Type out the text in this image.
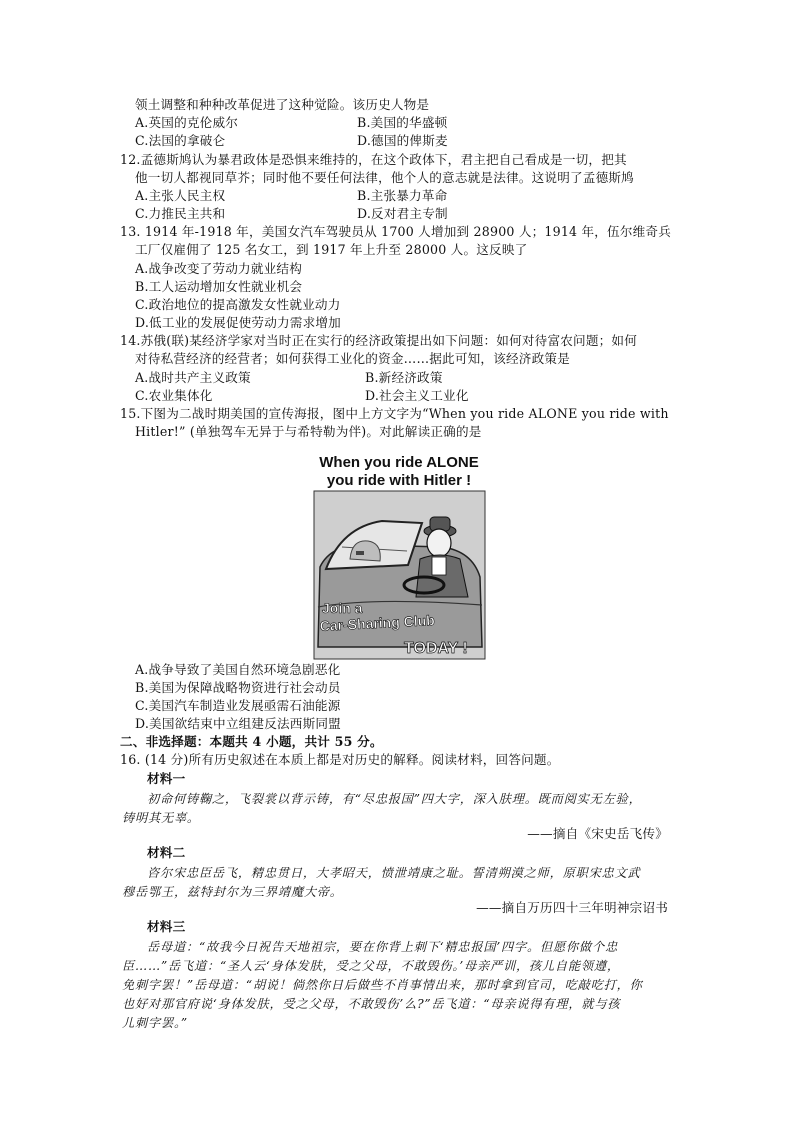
领土调整和种种改革促进了这种觉险。该历史人物是
A.英国的克伦威尔	B.美国的华盛顿
C.法国的拿破仑	D.德国的俾斯麦
12.孟德斯鸠认为暴君政体是恐惧来维持的，在这个政体下，君主把自己看成是一切，把其
他一切人都视同草芥；同时他不要任何法律，他个人的意志就是法律。这说明了孟德斯鸠
A.主张人民主权	B.主张暴力革命
C.力推民主共和	D.反对君主专制
13. 1914 年-1918 年，美国女汽车驾驶员从 1700 人增加到 28900 人；1914 年，伍尔维奇兵
工厂仅雇佣了 125 名女工，到 1917 年上升至 28000 人。这反映了
A.战争改变了劳动力就业结构
B.工人运动增加女性就业机会
C.政治地位的提高激发女性就业动力
D.低工业的发展促使劳动力需求增加
14.苏俄(联)某经济学家对当时正在实行的经济政策提出如下问题：如何对待富农问题；如何
对待私营经济的经营者；如何获得工业化的资金……据此可知，该经济政策是
A.战时共产主义政策	B.新经济政策
C.农业集体化	D.社会主义工业化
15.下图为二战时期美国的宣传海报，图中上方文字为“When you ride ALONE you ride with
Hitler!” (单独驾车无异于与希特勒为伴)。对此解读正确的是
When you ride ALONE
you ride with Hitler !
Join a
Car-Sharing Club
TODAY !
A.战争导致了美国自然环境急剧恶化
B.美国为保障战略物资进行社会动员
C.美国汽车制造业发展亟需石油能源
D.美国欲结束中立组建反法西斯同盟
二、非选择题：本题共 4 小题，共计 55 分。
16. (14 分)所有历史叙述在本质上都是对历史的解释。阅读材料，回答问题。
材料一
初命何铸鞠之，飞裂裳以背示铸，有“尽忠报国”四大字，深入肤理。既而阅实无左验，
铸明其无辜。
——摘自《宋史岳飞传》
材料二
咨尔宋忠臣岳飞，精忠贯日，大孝昭天，愤泄靖康之耻。誓清朔漠之师，原职宋忠文武
穆岳鄂王，兹特封尔为三界靖魔大帝。
——摘自万历四十三年明神宗诏书
材料三
岳母道：“故我今日祝告天地祖宗，要在你背上刺下‘精忠报国’四字。但愿你做个忠
臣……”岳飞道：“圣人云‘身体发肤，受之父母，不敢毁伤。’母亲严训，孩儿自能领遵，
免刺字罢！”岳母道：“胡说！倘然你日后做些不肖事情出来，那时拿到官司，吃敲吃打，你
也好对那官府说‘身体发肤，受之父母，不敢毁伤’么?”岳飞道：“母亲说得有理，就与孩
儿刺字罢。”
